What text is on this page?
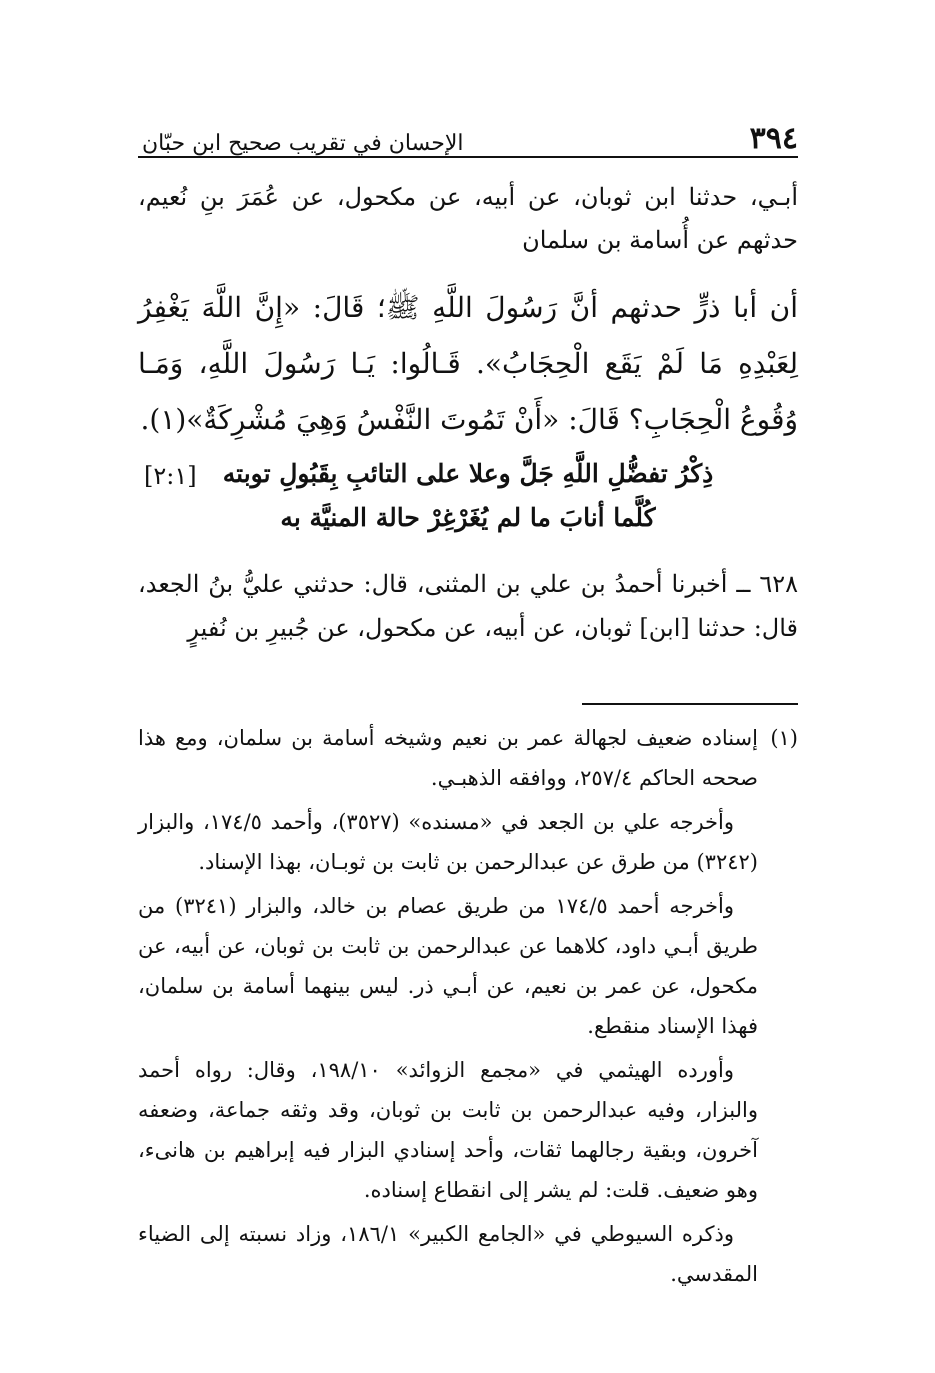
الإحسان في تقريب صحيح ابن حبّان	٣٩٤

أبـي، حدثنا ابن ثوبان، عن أبيه، عن مكحول، عن عُمَرَ بنِ نُعيم، حدثهم عن أُسامة بن سلمان

أن أبا ذرٍّ حدثهم أنَّ رَسُولَ اللَّهِ ﷺ؛ قَالَ: «إِنَّ اللَّهَ يَغْفِرُ لِعَبْدِهِ مَا لَمْ يَقَع الْحِجَابُ». قَـالُوا: يَـا رَسُولَ اللَّهِ، وَمَـا وُقُوعُ الْحِجَابِ؟ قَالَ: «أَنْ تَمُوتَ النَّفْسُ وَهِيَ مُشْرِكَةٌ»(١).
[٢:١]	ذِكْرُ تفضُّلِ اللَّهِ جَلَّ وعلا على التائبِ بِقَبُولِ توبته
كُلَّما أنابَ ما لم يُغَرْغِرْ حالة المنيَّة به

٦٢٨ ــ أخبرنا أحمدُ بن علي بن المثنى، قال: حدثني عليُّ بنُ الجعد، قال: حدثنا [ابن] ثوبان، عن أبيه، عن مكحول، عن جُبيرِ بن نُفيرٍ

(١)
إسناده ضعيف لجهالة عمر بن نعيم وشيخه أسامة بن سلمان، ومع هذا صححه الحاكم ٢٥٧/٤، ووافقه الذهبـي.

وأخرجه علي بن الجعد في «مسنده» (٣٥٢٧)، وأحمد ١٧٤/٥، والبزار (٣٢٤٢) من طرق عن عبدالرحمن بن ثابت بن ثوبـان، بهذا الإسناد.

وأخرجه أحمد ١٧٤/٥ من طريق عصام بن خالد، والبزار (٣٢٤١) من طريق أبـي داود، كلاهما عن عبدالرحمن بن ثابت بن ثوبان، عن أبيه، عن مكحول، عن عمر بن نعيم، عن أبـي ذر. ليس بينهما أسامة بن سلمان، فهذا الإسناد منقطع.

وأورده الهيثمي في «مجمع الزوائد» ١٩٨/١٠، وقال: رواه أحمد والبزار، وفيه عبدالرحمن بن ثابت بن ثوبان، وقد وثقه جماعة، وضعفه آخرون، وبقية رجالهما ثقات، وأحد إسنادي البزار فيه إبراهيم بن هانىء، وهو ضعيف. قلت: لم يشر إلى انقطاع إسناده.

وذكره السيوطي في «الجامع الكبير» ١٨٦/١، وزاد نسبته إلى الضياء المقدسي.
